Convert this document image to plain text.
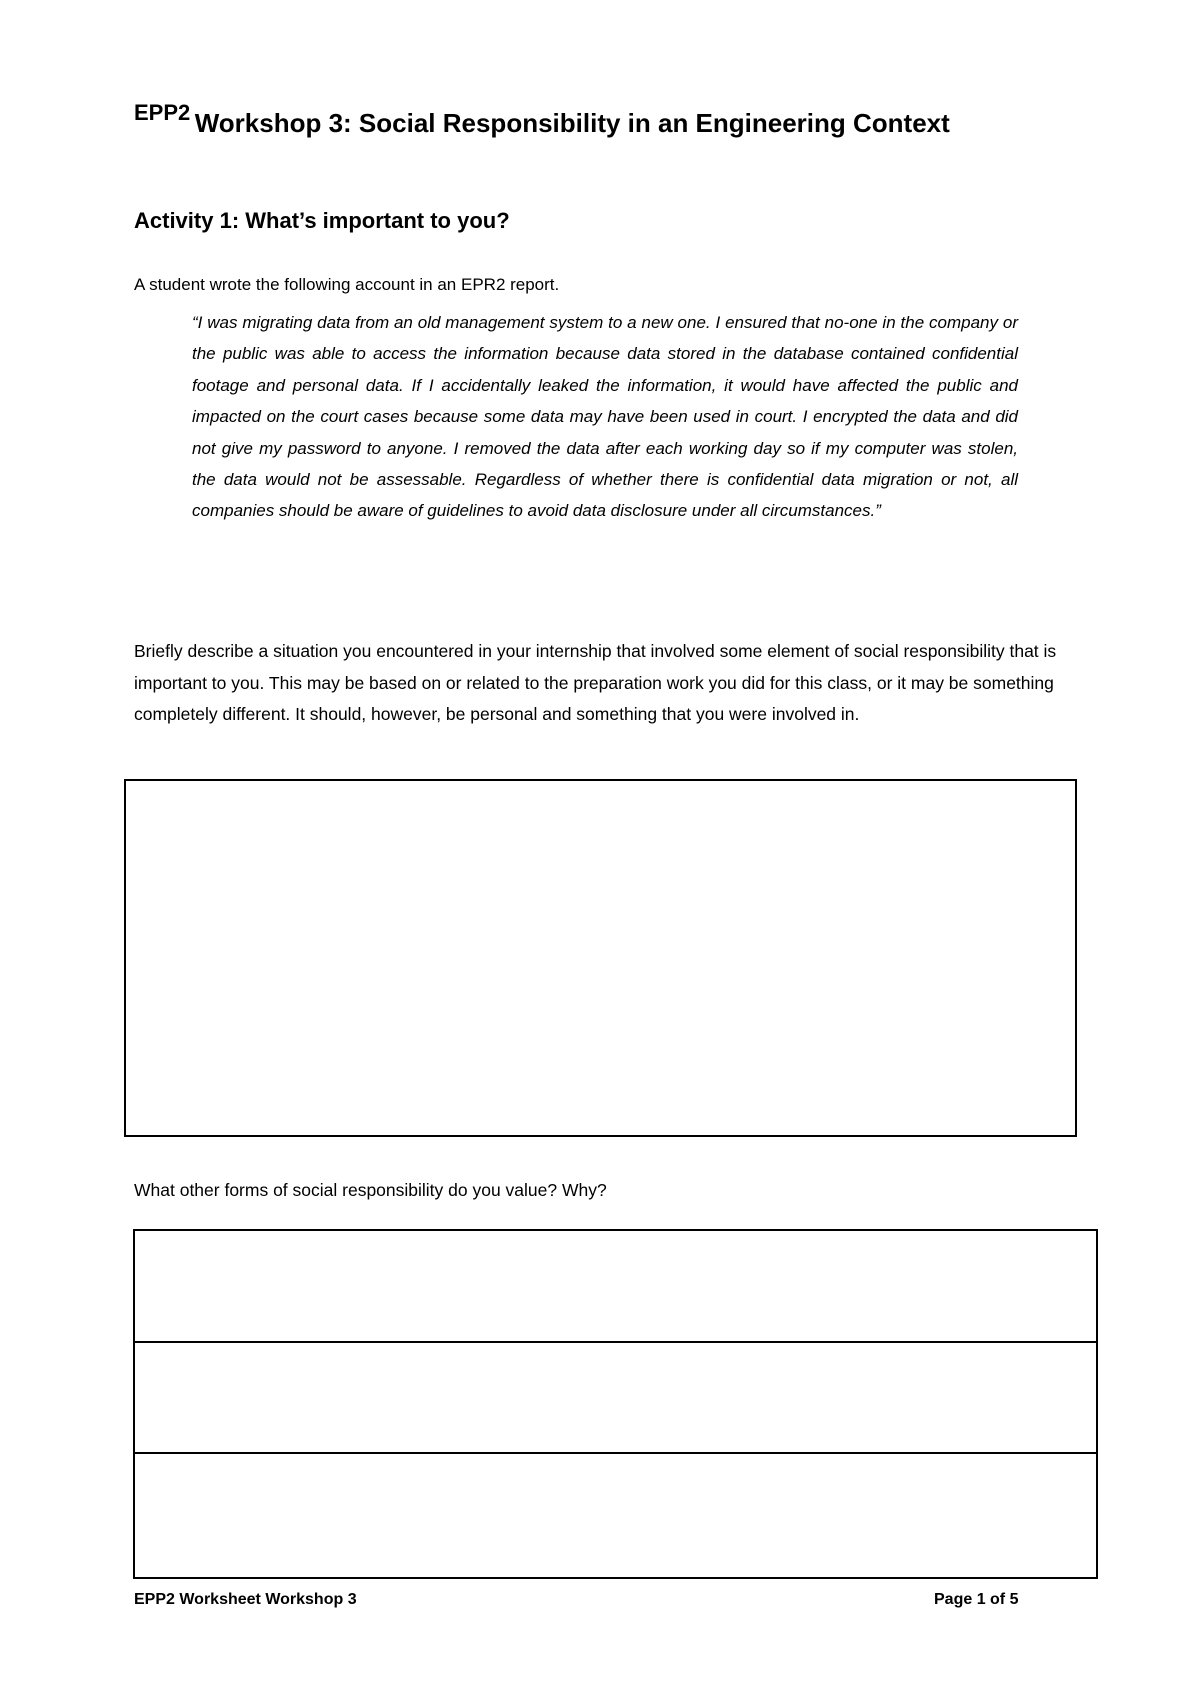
EPP2 Workshop 3: Social Responsibility in an Engineering Context
Activity 1: What’s important to you?
A student wrote the following account in an EPR2 report.

“I was migrating data from an old management system to a new one. I ensured that no-one in the company or the public was able to access the information because data stored in the database contained confidential footage and personal data. If I accidentally leaked the information, it would have affected the public and impacted on the court cases because some data may have been used in court. I encrypted the data and did not give my password to anyone. I removed the data after each working day so if my computer was stolen, the data would not be assessable. Regardless of whether there is confidential data migration or not, all companies should be aware of guidelines to avoid data disclosure under all circumstances.”

Briefly describe a situation you encountered in your internship that involved some element of social responsibility that is important to you. This may be based on or related to the preparation work you did for this class, or it may be something completely different. It should, however, be personal and something that you were involved in.

What other forms of social responsibility do you value? Why?
EPP2 Worksheet Workshop 3	Page 1 of 5
